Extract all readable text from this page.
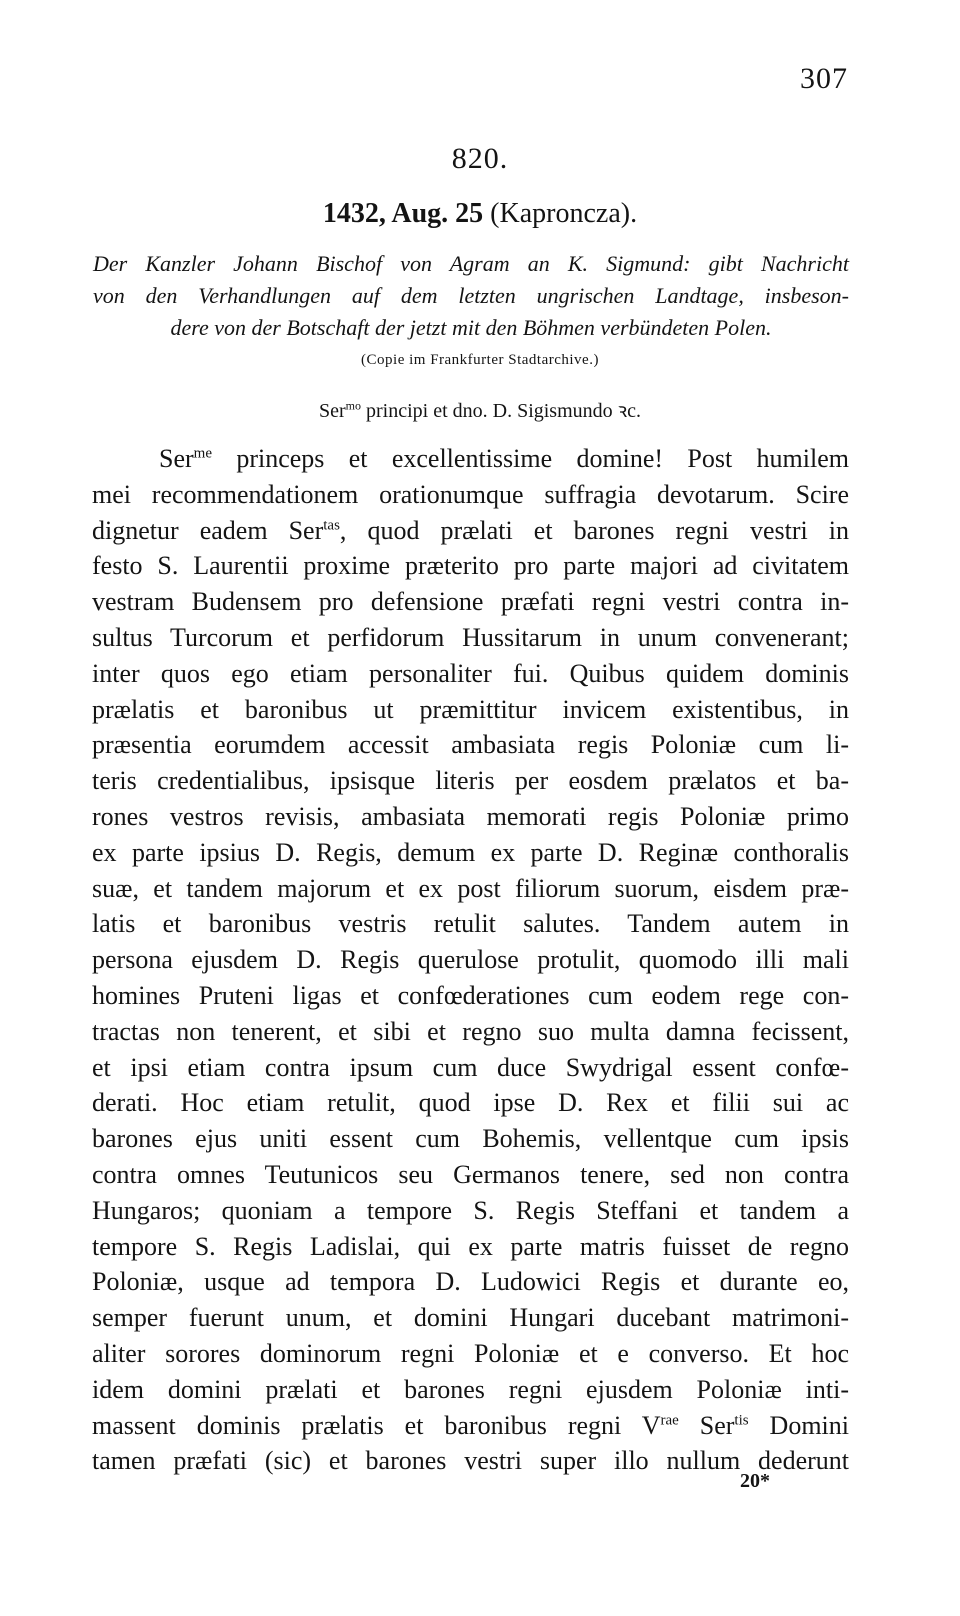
307
820.
1432, Aug. 25 (Kaproncza).
Der Kanzler Johann Bischof von Agram an K. Sigmund: gibt Nachricht
von den Verhandlungen auf dem letzten ungrischen Landtage, insbeson-
dere von der Botschaft der jetzt mit den Böhmen verbündeten Polen.
(Copie im Frankfurter Stadtarchive.)
Ser$^{mo}$ principi et dno. D. Sigismundo ꝛc.
Ser$^{me}$ princeps et excellentissime domine! Post humilem
mei recommendationem orationumque suffragia devotarum. Scire
dignetur eadem Ser$^{tas}$, quod prælati et barones regni vestri in
festo S. Laurentii proxime præterito pro parte majori ad civitatem
vestram Budensem pro defensione præfati regni vestri contra in-
sultus Turcorum et perfidorum Hussitarum in unum convenerant;
inter quos ego etiam personaliter fui. Quibus quidem dominis
prælatis et baronibus ut præmittitur invicem existentibus, in
præsentia eorumdem accessit ambasiata regis Poloniæ cum li-
teris credentialibus, ipsisque literis per eosdem prælatos et ba-
rones vestros revisis, ambasiata memorati regis Poloniæ primo
ex parte ipsius D. Regis, demum ex parte D. Reginæ conthoralis
suæ, et tandem majorum et ex post filiorum suorum, eisdem præ-
latis et baronibus vestris retulit salutes. Tandem autem in
persona ejusdem D. Regis querulose protulit, quomodo illi mali
homines Pruteni ligas et confœderationes cum eodem rege con-
tractas non tenerent, et sibi et regno suo multa damna fecissent,
et ipsi etiam contra ipsum cum duce Swydrigal essent confœ-
derati. Hoc etiam retulit, quod ipse D. Rex et filii sui ac
barones ejus uniti essent cum Bohemis, vellentque cum ipsis
contra omnes Teutunicos seu Germanos tenere, sed non contra
Hungaros; quoniam a tempore S. Regis Steffani et tandem a
tempore S. Regis Ladislai, qui ex parte matris fuisset de regno
Poloniæ, usque ad tempora D. Ludowici Regis et durante eo,
semper fuerunt unum, et domini Hungari ducebant matrimoni-
aliter sorores dominorum regni Poloniæ et e converso. Et hoc
idem domini prælati et barones regni ejusdem Poloniæ inti-
massent dominis prælatis et baronibus regni $V^{rae}$ Ser$^{tis}$ Domini
tamen præfati (sic) et barones vestri super illo nullum dederunt
20*
